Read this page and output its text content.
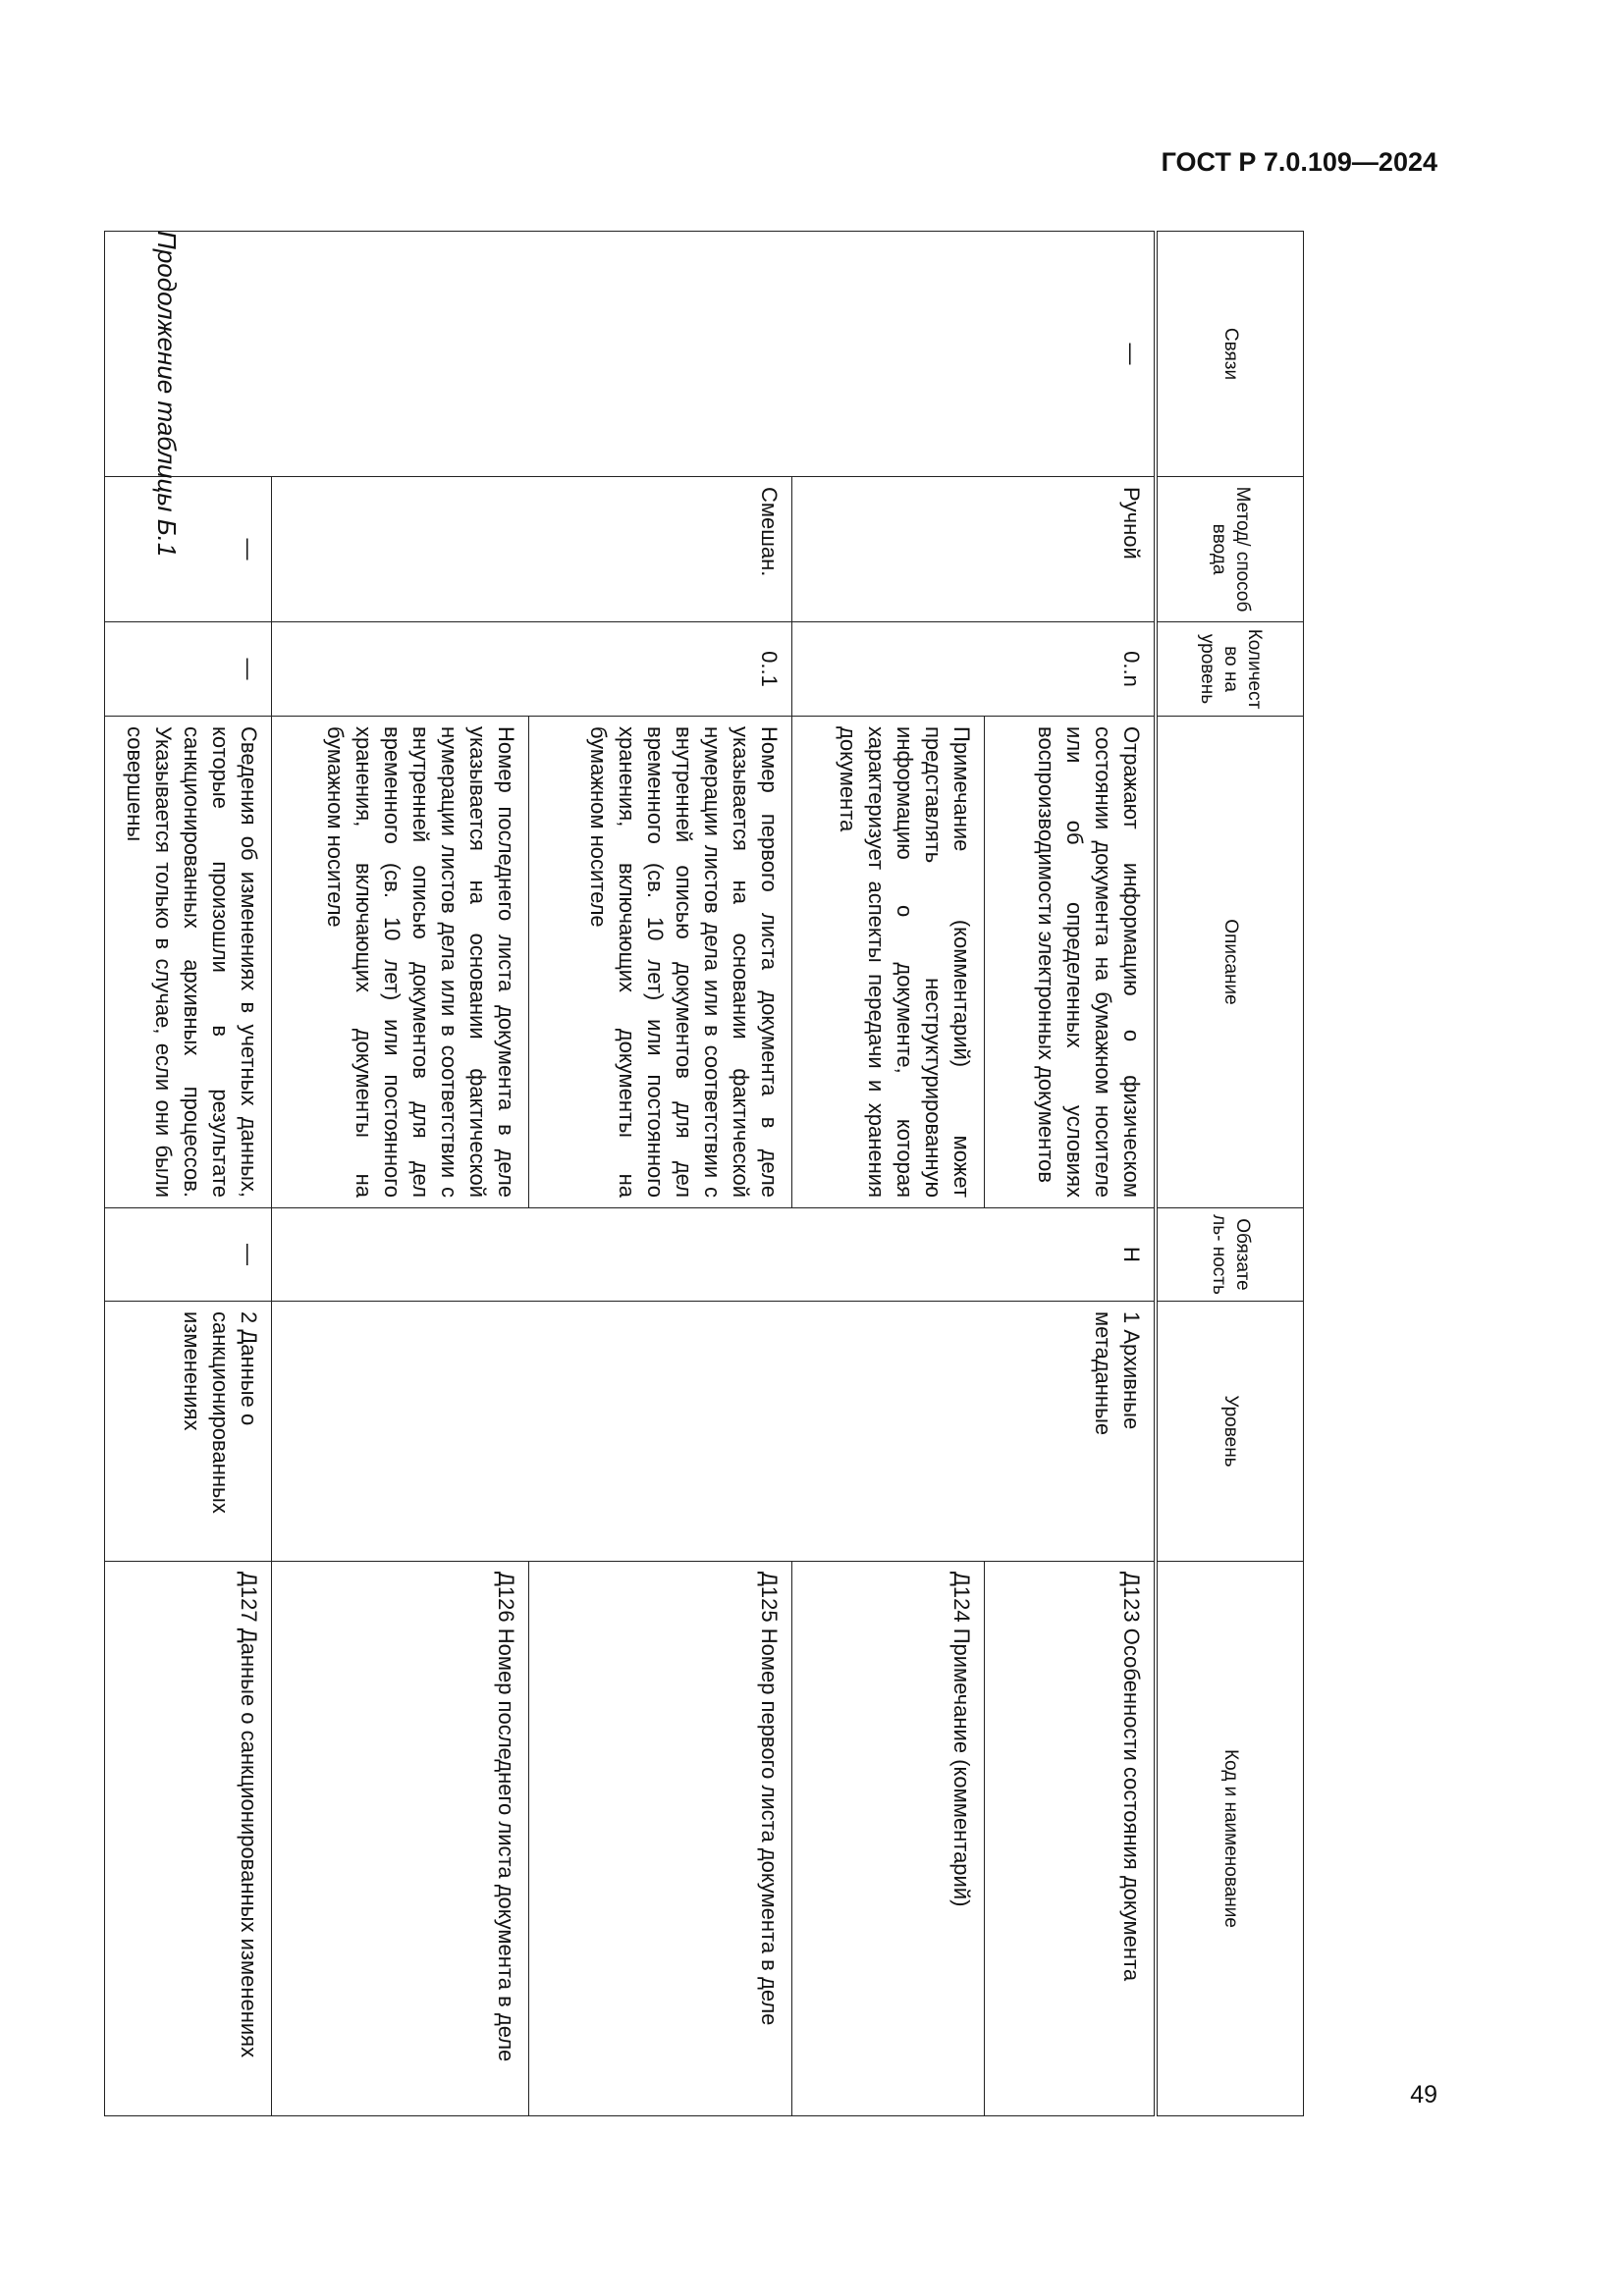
ГОСТ Р 7.0.109—2024
Связи	Метод/ способ ввода	Количество на уровень	Описание	Обязатель- ность	Уровень	Код и наименование
—	Ручной	0..n	Отражают информацию о физическом состоянии документа на бумажном носителе или об определенных условиях воспроизводимости электронных документов	Н	1 Архивные метаданные	Д123 Особенности состояния документа
			Примечание (комментарий) может представлять неструктурированную информацию о документе, которая характеризует аспекты передачи и хранения документа			Д124 Примечание (комментарий)
	Смешан.	0..1	Номер первого листа документа в деле указывается на основании фактической нумерации листов дела или в соответствии с внутренней описью документов для дел временного (св. 10 лет) или постоянного хранения, включающих документы на бумажном носителе			Д125 Номер первого листа документа в деле
			Номер последнего листа документа в деле указывается на основании фактической нумерации листов дела или в соответствии с внутренней описью документов для дел временного (св. 10 лет) или постоянного хранения, включающих документы на бумажном носителе			Д126 Номер последнего листа документа в деле
	—	—	Сведения об изменениях в учетных данных, которые произошли в результате санкционированных архивных процессов. Указывается только в случае, если они были совершены	—	2 Данные о санкционированных изменениях	Д127 Данные о санкционированных изменениях
Продолжение таблицы Б.1
49
